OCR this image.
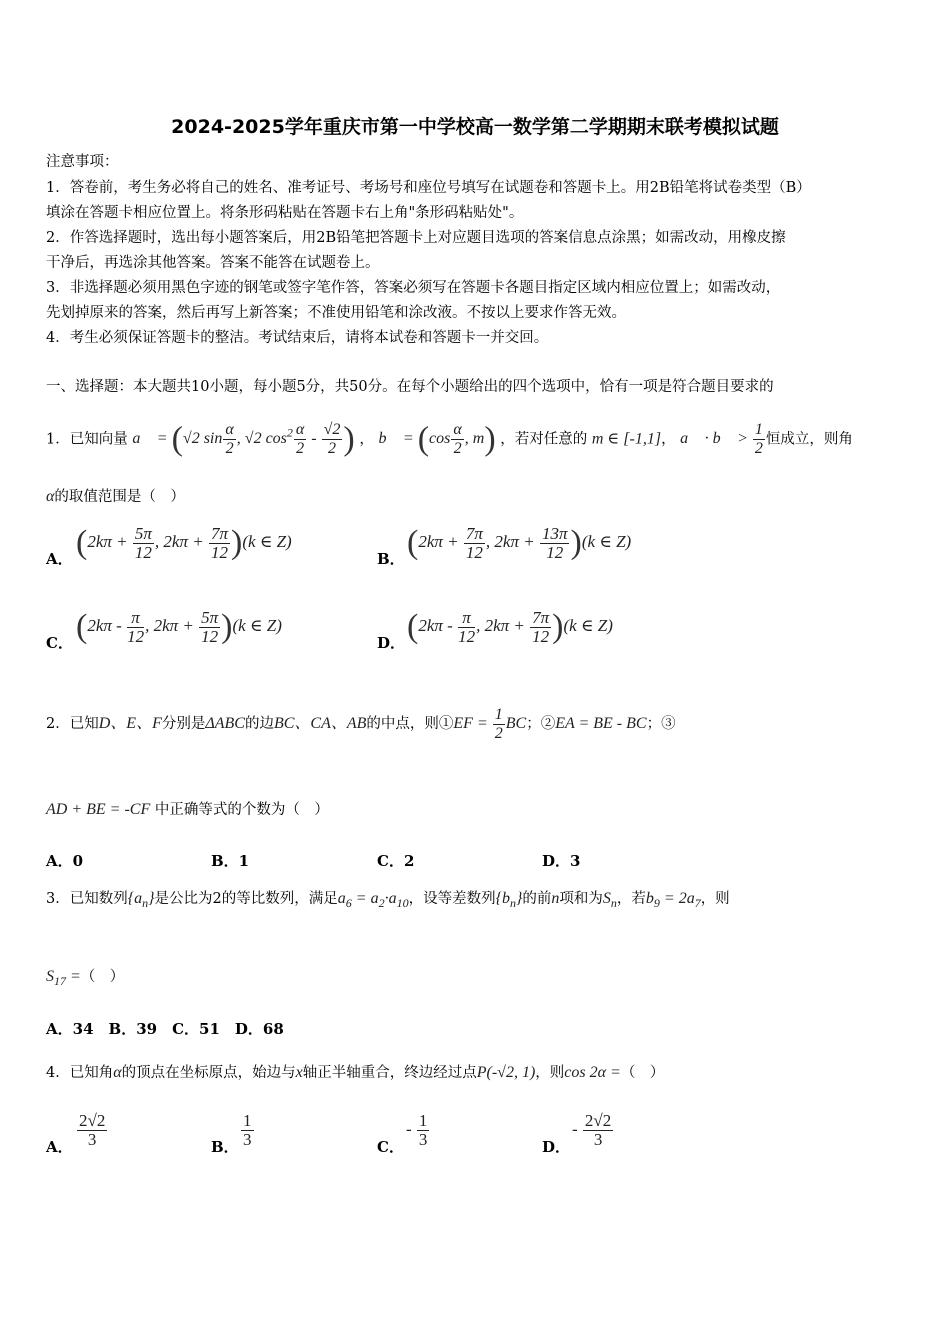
2024-2025学年重庆市第一中学校高一数学第二学期期末联考模拟试题
注意事项：
1．答卷前，考生务必将自己的姓名、准考证号、考场号和座位号填写在试题卷和答题卡上。用2B铅笔将试卷类型（B）
填涂在答题卡相应位置上。将条形码粘贴在答题卡右上角"条形码粘贴处"。
2．作答选择题时，选出每小题答案后，用2B铅笔把答题卡上对应题目选项的答案信息点涂黑；如需改动，用橡皮擦
干净后，再选涂其他答案。答案不能答在试题卷上。
3．非选择题必须用黑色字迹的钢笔或签字笔作答，答案必须写在答题卡各题目指定区域内相应位置上；如需改动，
先划掉原来的答案，然后再写上新答案；不准使用铅笔和涂改液。不按以上要求作答无效。
4．考生必须保证答题卡的整洁。考试结束后，请将本试卷和答题卡一并交回。
一、选择题：本大题共10小题，每小题5分，共50分。在每个小题给出的四个选项中，恰有一项是符合题目要求的
1．已知向量 a⃗ = (√2 $\sin \frac{\alpha}{2}$ , √2 $\cos^2 \frac{\alpha}{2} - \frac{√2}{2}$ ) ， b⃗ = ($\cos \frac{\alpha}{2}$ , m) ，若对任意的 m ∈ [-1,1]， a⃗ · b⃗ > $\frac{1}{2}$ 恒成立，则角
α的取值范围是（　）
A． ($2k\pi + \frac{5\pi}{12}$ , $2k\pi + \frac{7\pi}{12} )(k$ ∈ Z)
B． ($2k\pi + \frac{7\pi}{12}$ , $2k\pi + \frac{13\pi}{12} )(k$ ∈ Z)
C． ($2k\pi - \frac{\pi}{12}$ , $2k\pi + \frac{5\pi}{12} )(k$ ∈ Z)
D． ($2k\pi - \frac{\pi}{12}$ , $2k\pi + \frac{7\pi}{12} )(k$ ∈ Z)
2．已知D、E、F分别是ΔABC的边BC、CA、AB的中点，则①EF = $\frac{1}{2}$ BC；②EA = BE - BC；③
AD + BE = -CF 中正确等式的个数为（　）
A．0	B．1	C．2	D．3
3．已知数列$\{a_n\}$是公比为2的等比数列，满足$a_6 = a_2\cdot a_{10}$，设等差数列$\{b_n\}$的前n项和为$S_n$，若$b_9 = 2a_7$，则
$S_{17}$ =（　）
A．34　B．39　C．51　D．68
4．已知角α的顶点在坐标原点，始边与x轴正半轴重合，终边经过点P(-√2, 1)，则cos 2α =（　）
A． $\frac{2√2}{3}$	B． $\frac{1}{3}$	C．
- $\frac{1}{3}$	D．
- $\frac{2√2}{3}$
